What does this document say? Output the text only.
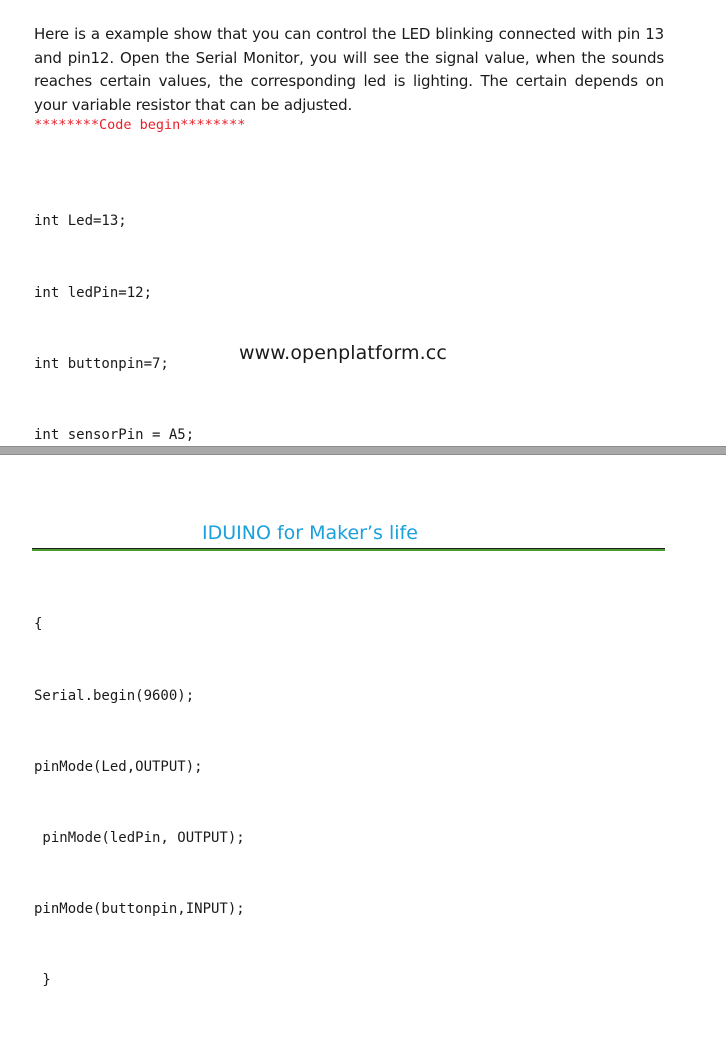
Here is a example show that you can control the LED blinking connected with pin 13 and pin12. Open the Serial Monitor, you will see the signal value, when the sounds reaches certain values, the corresponding led is lighting. The certain depends on your variable resistor that can be adjusted.

********Code begin********

int Led=13;

int ledPin=12;

int buttonpin=7;

int sensorPin = A5;

www.openplatform.cc
IDUINO for Maker’s life

{

Serial.begin(9600);

pinMode(Led,OUTPUT);

pinMode(ledPin, OUTPUT);

pinMode(buttonpin,INPUT);

}
